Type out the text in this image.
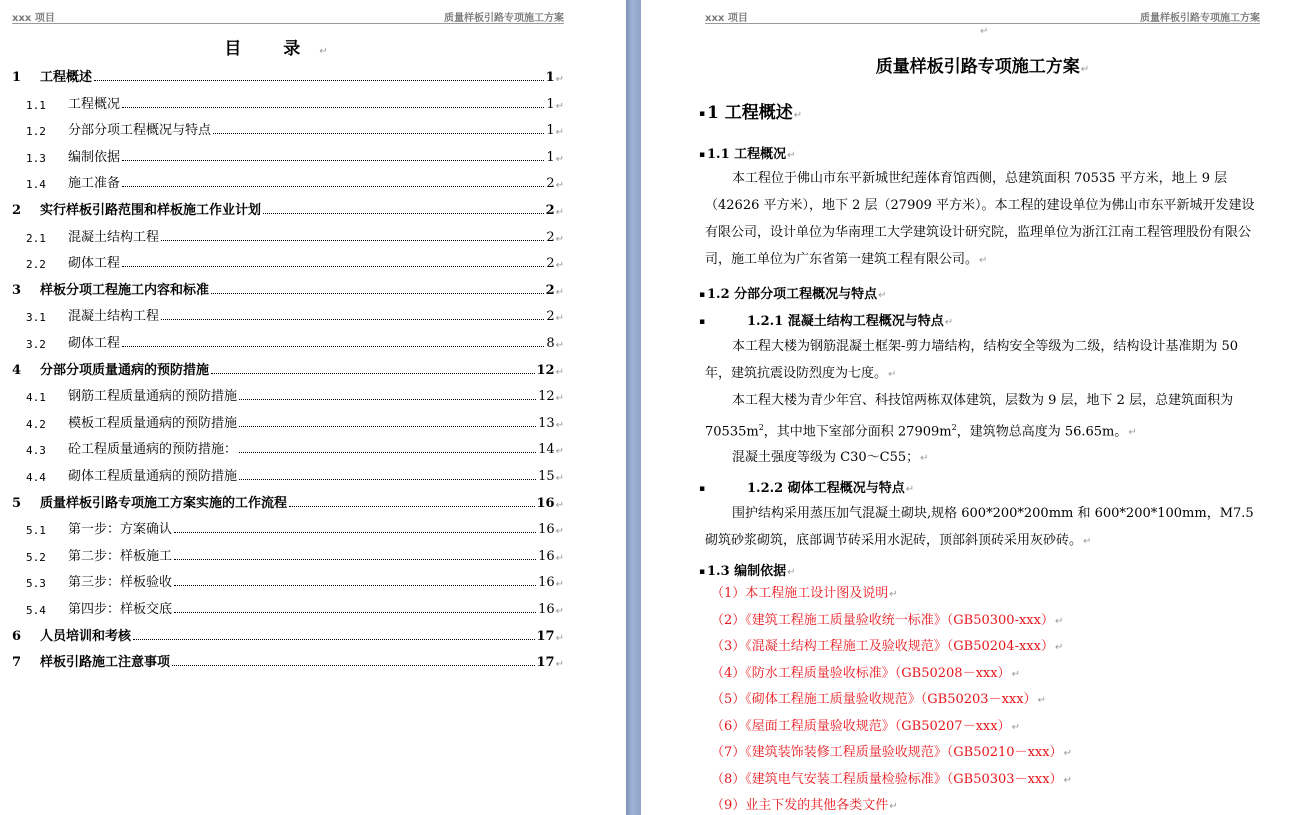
xxx 项目	质量样板引路专项施工方案
目 录↵
1	工程概述	1 ↵
1.1	工程概况	1 ↵
1.2	分部分项工程概况与特点	1 ↵
1.3	编制依据	1 ↵
1.4	施工准备	2 ↵
2	实行样板引路范围和样板施工作业计划	2 ↵
2.1	混凝土结构工程	2 ↵
2.2	砌体工程	2 ↵
3	样板分项工程施工内容和标准	2 ↵
3.1	混凝土结构工程	2 ↵
3.2	砌体工程	8 ↵
4	分部分项质量通病的预防措施	12 ↵
4.1	钢筋工程质量通病的预防措施	12 ↵
4.2	模板工程质量通病的预防措施	13 ↵
4.3	砼工程质量通病的预防措施：	14 ↵
4.4	砌体工程质量通病的预防措施	15 ↵
5	质量样板引路专项施工方案实施的工作流程	16 ↵
5.1	第一步：方案确认	16 ↵
5.2	第二步：样板施工	16 ↵
5.3	第三步：样板验收	16 ↵
5.4	第四步：样板交底	16 ↵
6	人员培训和考核	17 ↵
7	样板引路施工注意事项	17 ↵
xxx 项目	质量样板引路专项施工方案
↵
质量样板引路专项施工方案↵
▪ 1 工程概述↵
▪ 1.1 工程概况↵
本工程位于佛山市东平新城世纪莲体育馆西侧，总建筑面积 70535 平方米，地上 9 层（42626 平方米），地下 2 层（27909 平方米）。本工程的建设单位为佛山市东平新城开发建设有限公司，设计单位为华南理工大学建筑设计研究院，监理单位为浙江江南工程管理股份有限公司，施工单位为广东省第一建筑工程有限公司。↵
▪ 1.2 分部分项工程概况与特点↵
▪	1.2.1 混凝土结构工程概况与特点↵
本工程大楼为钢筋混凝土框架-剪力墙结构，结构安全等级为二级，结构设计基准期为 50 年，建筑抗震设防烈度为七度。↵
本工程大楼为青少年宫、科技馆两栋双体建筑，层数为 9 层，地下 2 层，总建筑面积为 $70535m^2$，其中地下室部分面积 $27909m^2$，建筑物总高度为 56.65m。↵
混凝土强度等级为 C30～C55；↵
▪	1.2.2 砌体工程概况与特点↵
围护结构采用蒸压加气混凝土砌块,规格 600*200*200mm 和 600*200*100mm，M7.5 砌筑砂浆砌筑，底部调节砖采用水泥砖，顶部斜顶砖采用灰砂砖。↵
▪ 1.3 编制依据↵
（1）本工程施工设计图及说明↵
（2）《建筑工程施工质量验收统一标准》（GB50300-xxx）↵
（3）《混凝土结构工程施工及验收规范》（GB50204-xxx）↵
（4）《防水工程质量验收标准》（GB50208－xxx）↵
（5）《砌体工程施工质量验收规范》（GB50203－xxx）↵
（6）《屋面工程质量验收规范》（GB50207－xxx）↵
（7）《建筑装饰装修工程质量验收规范》（GB50210－xxx）↵
（8）《建筑电气安装工程质量检验标准》（GB50303－xxx）↵
（9）业主下发的其他各类文件↵
